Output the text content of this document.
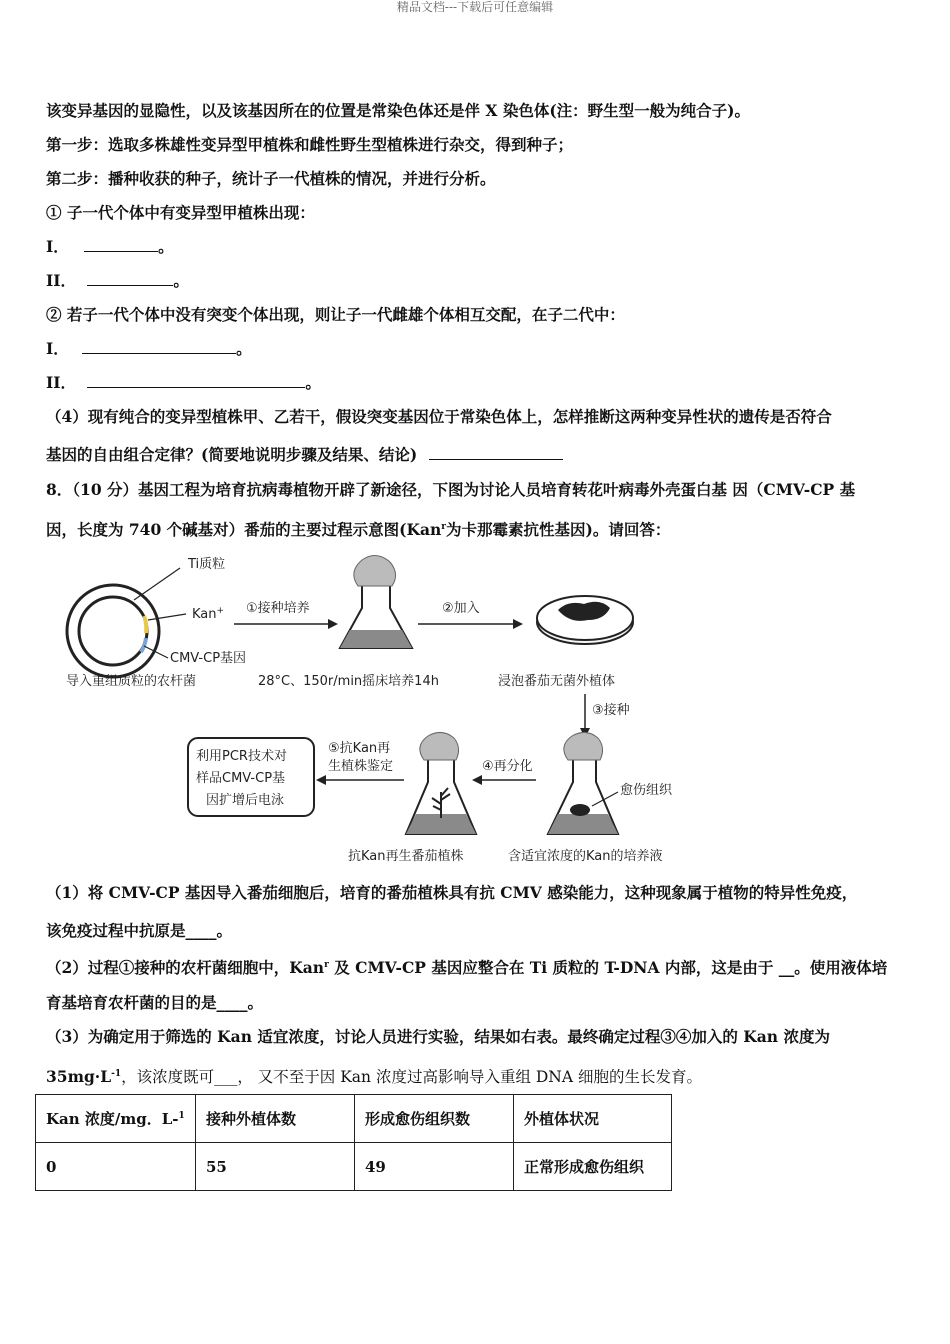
精品文档---下载后可任意编辑
该变异基因的显隐性，以及该基因所在的位置是常染色体还是伴 X 染色体(注：野生型一般为纯合子)。
第一步：选取多株雄性变异型甲植株和雌性野生型植株进行杂交，得到种子；
第二步：播种收获的种子，统计子一代植株的情况，并进行分析。
① 子一代个体中有变异型甲植株出现：
I．	。
II．	。
② 若子一代个体中没有突变个体出现，则让子一代雌雄个体相互交配，在子二代中：
I．	。
II．	。
（4）现有纯合的变异型植株甲、乙若干，假设突变基因位于常染色体上，怎样推断这两种变异性状的遗传是否符合
基因的自由组合定律？(简要地说明步骤及结果、结论)
8．（10 分）基因工程为培育抗病毒植物开辟了新途径，下图为讨论人员培育转花叶病毒外壳蛋白基 因（CMV-CP 基
因，长度为 740 个碱基对）番茄的主要过程示意图(Kan$^r$为卡那霉素抗性基因)。请回答：
Ti质粒
Kan+
CMV-CP基因
导入重组质粒的农杆菌
①接种培养
28°C、150r/min摇床培养14h
②加入
浸泡番茄无菌外植体
③接种
愈伤组织
含适宜浓度的Kan的培养液
④再分化
抗Kan再生番茄植株
⑤抗Kan再
生植株鉴定
利用PCR技术对
样品CMV-CP基
因扩增后电泳
（1）将 CMV-CP 基因导入番茄细胞后，培育的番茄植株具有抗 CMV 感染能力，这种现象属于植物的特异性免疫，
该免疫过程中抗原是____。
（2）过程①接种的农杆菌细胞中，Kan$^r$ 及 CMV-CP 基因应整合在 Ti 质粒的 T-DNA 内部，这是由于 __。使用液体培
育基培育农杆菌的目的是____。
（3）为确定用于筛选的 Kan 适宜浓度，讨论人员进行实验，结果如右表。最终确定过程③④加入的 Kan 浓度为
$35mg\cdot L^{-1}$，该浓度既可___， 又不至于因 Kan 浓度过高影响导入重组 DNA 细胞的生长发育。
Kan 浓度/mg．L-$^1$	接种外植体数	形成愈伤组织数	外植体状况
0	55	49	正常形成愈伤组织
